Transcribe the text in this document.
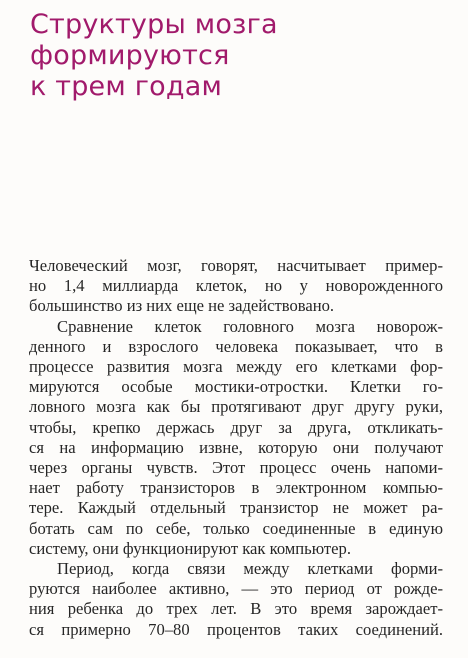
Структуры мозга
формируются
к трем годам

Человеческий мозг, говорят, насчитывает пример-
но 1,4 миллиарда клеток, но у новорожденного
большинство из них еще не задействовано.

Сравнение клеток головного мозга новорож-
денного и взрослого человека показывает, что в
процессе развития мозга между его клетками фор-
мируются особые мостики-отростки. Клетки го-
ловного мозга как бы протягивают друг другу руки,
чтобы, крепко держась друг за друга, откликать-
ся на информацию извне, которую они получают
через органы чувств. Этот процесс очень напоми-
нает работу транзисторов в электронном компью-
тере. Каждый отдельный транзистор не может ра-
ботать сам по себе, только соединенные в единую
систему, они функционируют как компьютер.

Период, когда связи между клетками форми-
руются наиболее активно, — это период от рожде-
ния ребенка до трех лет. В это время зарождает-
ся примерно 70–80 процентов таких соединений.
